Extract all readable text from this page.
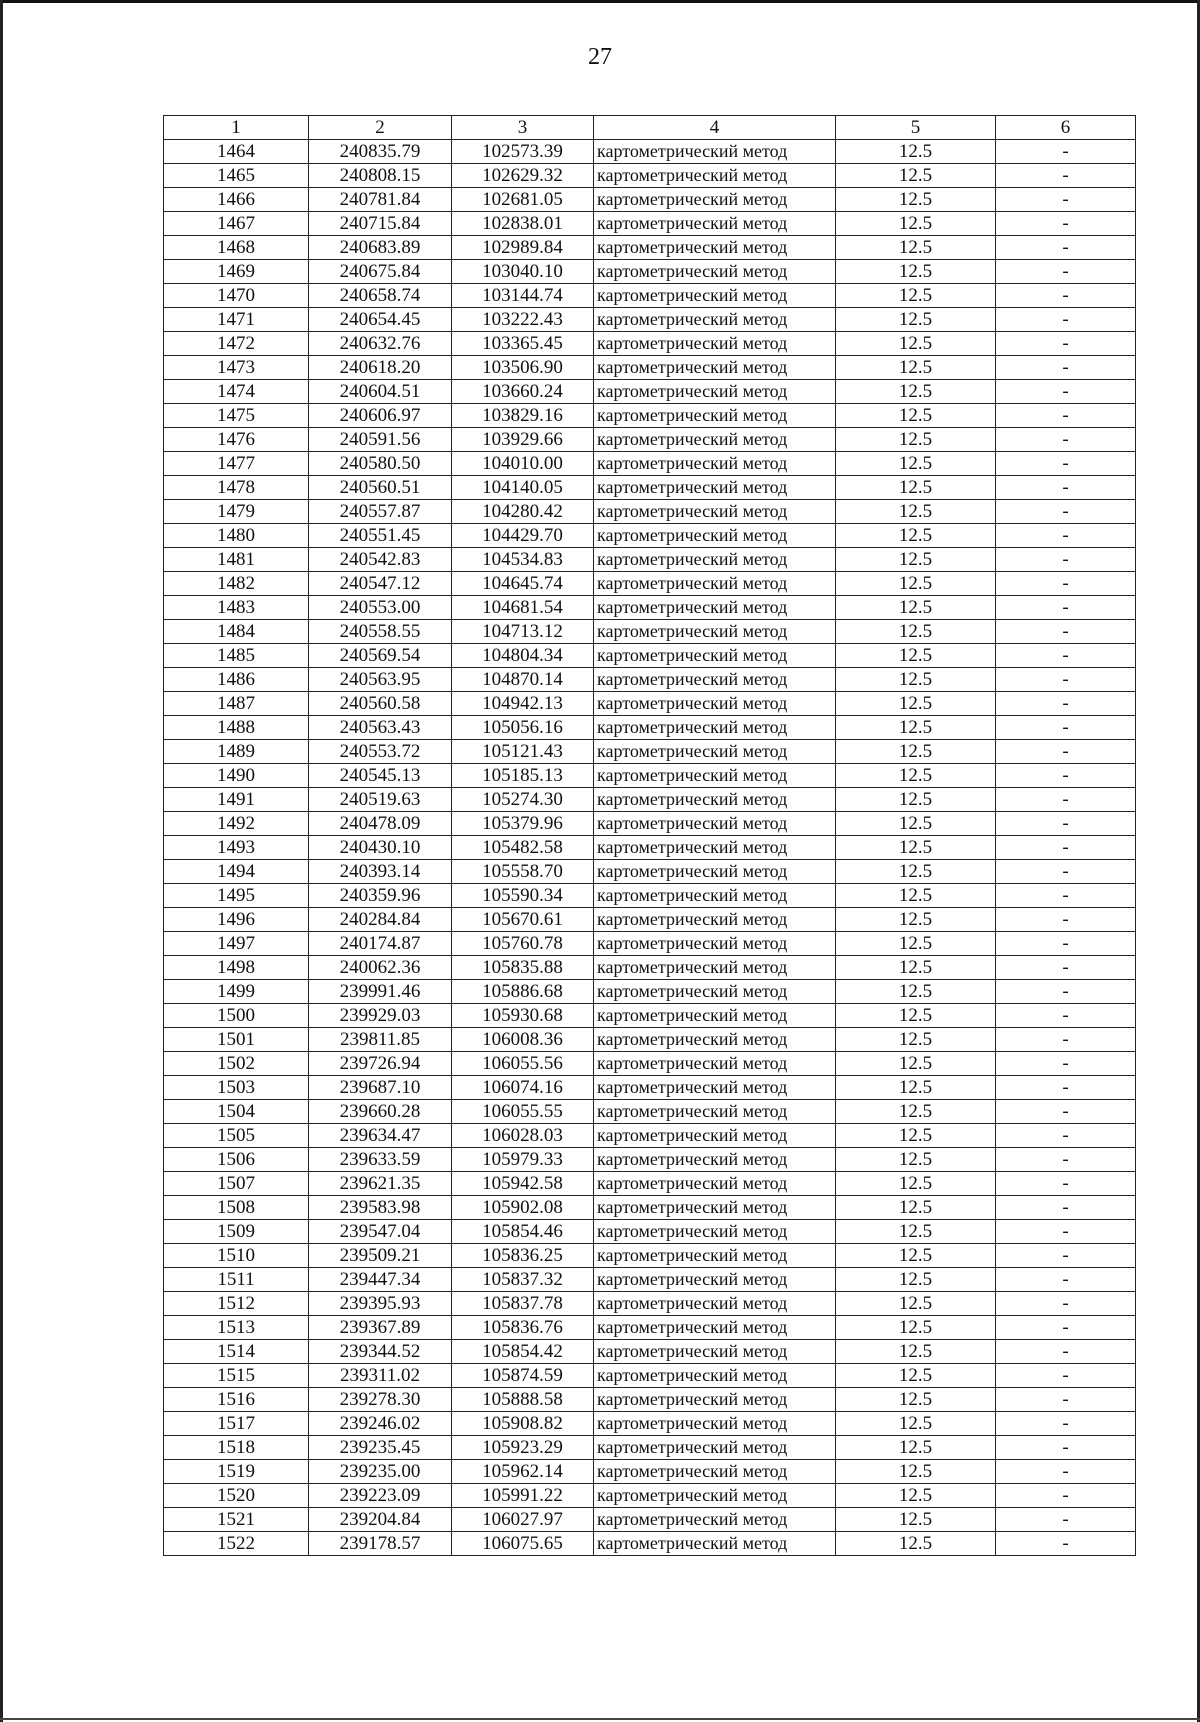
27
1	2	3	4	5	6
1464	240835.79	102573.39	картометрический метод	12.5	-
1465	240808.15	102629.32	картометрический метод	12.5	-
1466	240781.84	102681.05	картометрический метод	12.5	-
1467	240715.84	102838.01	картометрический метод	12.5	-
1468	240683.89	102989.84	картометрический метод	12.5	-
1469	240675.84	103040.10	картометрический метод	12.5	-
1470	240658.74	103144.74	картометрический метод	12.5	-
1471	240654.45	103222.43	картометрический метод	12.5	-
1472	240632.76	103365.45	картометрический метод	12.5	-
1473	240618.20	103506.90	картометрический метод	12.5	-
1474	240604.51	103660.24	картометрический метод	12.5	-
1475	240606.97	103829.16	картометрический метод	12.5	-
1476	240591.56	103929.66	картометрический метод	12.5	-
1477	240580.50	104010.00	картометрический метод	12.5	-
1478	240560.51	104140.05	картометрический метод	12.5	-
1479	240557.87	104280.42	картометрический метод	12.5	-
1480	240551.45	104429.70	картометрический метод	12.5	-
1481	240542.83	104534.83	картометрический метод	12.5	-
1482	240547.12	104645.74	картометрический метод	12.5	-
1483	240553.00	104681.54	картометрический метод	12.5	-
1484	240558.55	104713.12	картометрический метод	12.5	-
1485	240569.54	104804.34	картометрический метод	12.5	-
1486	240563.95	104870.14	картометрический метод	12.5	-
1487	240560.58	104942.13	картометрический метод	12.5	-
1488	240563.43	105056.16	картометрический метод	12.5	-
1489	240553.72	105121.43	картометрический метод	12.5	-
1490	240545.13	105185.13	картометрический метод	12.5	-
1491	240519.63	105274.30	картометрический метод	12.5	-
1492	240478.09	105379.96	картометрический метод	12.5	-
1493	240430.10	105482.58	картометрический метод	12.5	-
1494	240393.14	105558.70	картометрический метод	12.5	-
1495	240359.96	105590.34	картометрический метод	12.5	-
1496	240284.84	105670.61	картометрический метод	12.5	-
1497	240174.87	105760.78	картометрический метод	12.5	-
1498	240062.36	105835.88	картометрический метод	12.5	-
1499	239991.46	105886.68	картометрический метод	12.5	-
1500	239929.03	105930.68	картометрический метод	12.5	-
1501	239811.85	106008.36	картометрический метод	12.5	-
1502	239726.94	106055.56	картометрический метод	12.5	-
1503	239687.10	106074.16	картометрический метод	12.5	-
1504	239660.28	106055.55	картометрический метод	12.5	-
1505	239634.47	106028.03	картометрический метод	12.5	-
1506	239633.59	105979.33	картометрический метод	12.5	-
1507	239621.35	105942.58	картометрический метод	12.5	-
1508	239583.98	105902.08	картометрический метод	12.5	-
1509	239547.04	105854.46	картометрический метод	12.5	-
1510	239509.21	105836.25	картометрический метод	12.5	-
1511	239447.34	105837.32	картометрический метод	12.5	-
1512	239395.93	105837.78	картометрический метод	12.5	-
1513	239367.89	105836.76	картометрический метод	12.5	-
1514	239344.52	105854.42	картометрический метод	12.5	-
1515	239311.02	105874.59	картометрический метод	12.5	-
1516	239278.30	105888.58	картометрический метод	12.5	-
1517	239246.02	105908.82	картометрический метод	12.5	-
1518	239235.45	105923.29	картометрический метод	12.5	-
1519	239235.00	105962.14	картометрический метод	12.5	-
1520	239223.09	105991.22	картометрический метод	12.5	-
1521	239204.84	106027.97	картометрический метод	12.5	-
1522	239178.57	106075.65	картометрический метод	12.5	-
